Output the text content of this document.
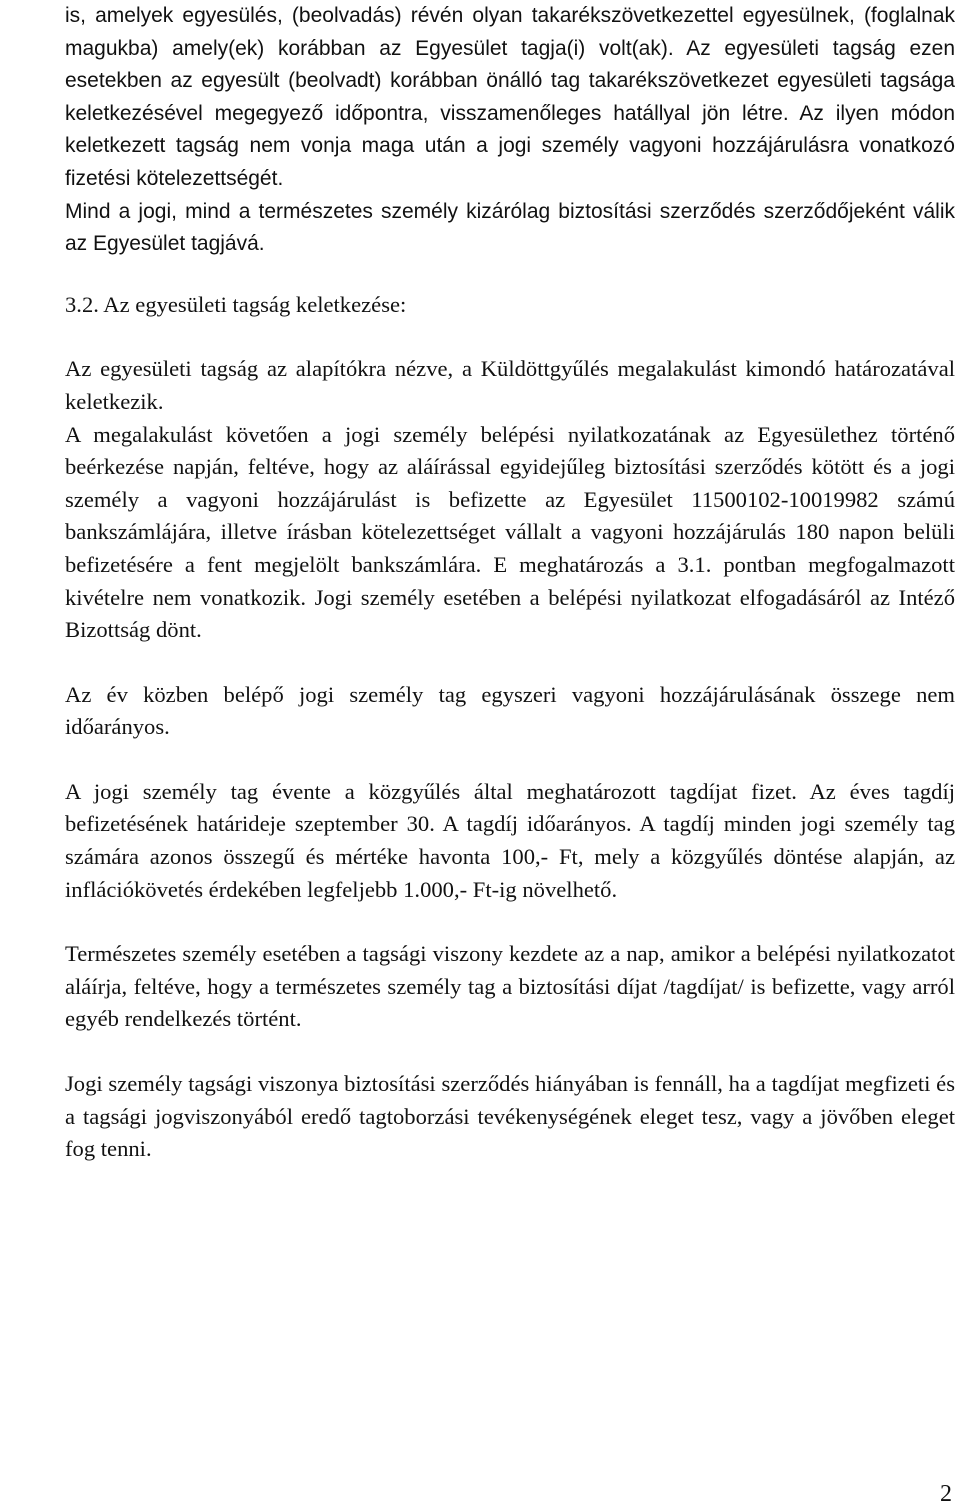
is, amelyek egyesülés, (beolvadás) révén olyan takarékszövetkezettel egyesülnek, (foglalnak magukba) amely(ek) korábban az Egyesület tagja(i) volt(ak). Az egyesületi tagság ezen esetekben az egyesült (beolvadt) korábban önálló tag takarékszövetkezet egyesületi tagsága keletkezésével megegyező időpontra, visszamenőleges hatállyal jön létre. Az ilyen módon keletkezett tagság nem vonja maga után a jogi személy vagyoni hozzájárulásra vonatkozó fizetési kötelezettségét.

Mind a jogi, mind a természetes személy kizárólag biztosítási szerződés szerződőjeként válik az Egyesület tagjává.

3.2. Az egyesületi tagság keletkezése:

Az egyesületi tagság az alapítókra nézve, a Küldöttgyűlés megalakulást kimondó határozatával keletkezik.

A megalakulást követően a jogi személy belépési nyilatkozatának az Egyesülethez történő beérkezése napján, feltéve, hogy az aláírással egyidejűleg biztosítási szerződés kötött és a jogi személy a vagyoni hozzájárulást is befizette az Egyesület 11500102-10019982 számú bankszámlájára, illetve írásban kötelezettséget vállalt a vagyoni hozzájárulás 180 napon belüli befizetésére a fent megjelölt bankszámlára. E meghatározás a 3.1. pontban megfogalmazott kivételre nem vonatkozik. Jogi személy esetében a belépési nyilatkozat elfogadásáról az Intéző Bizottság dönt.

Az év közben belépő jogi személy tag egyszeri vagyoni hozzájárulásának összege nem időarányos.

A jogi személy tag évente a közgyűlés által meghatározott tagdíjat fizet. Az éves tagdíj befizetésének határideje szeptember 30. A tagdíj időarányos. A tagdíj minden jogi személy tag számára azonos összegű és mértéke havonta 100,- Ft, mely a közgyűlés döntése alapján, az inflációkövetés érdekében legfeljebb 1.000,- Ft-ig növelhető.

Természetes személy esetében a tagsági viszony kezdete az a nap, amikor a belépési nyilatkozatot aláírja, feltéve, hogy a természetes személy tag a biztosítási díjat /tagdíjat/ is befizette, vagy arról egyéb rendelkezés történt.

Jogi személy tagsági viszonya biztosítási szerződés hiányában is fennáll, ha a tagdíjat megfizeti és a tagsági jogviszonyából eredő tagtoborzási tevékenységének eleget tesz, vagy a jövőben eleget fog tenni.

2
